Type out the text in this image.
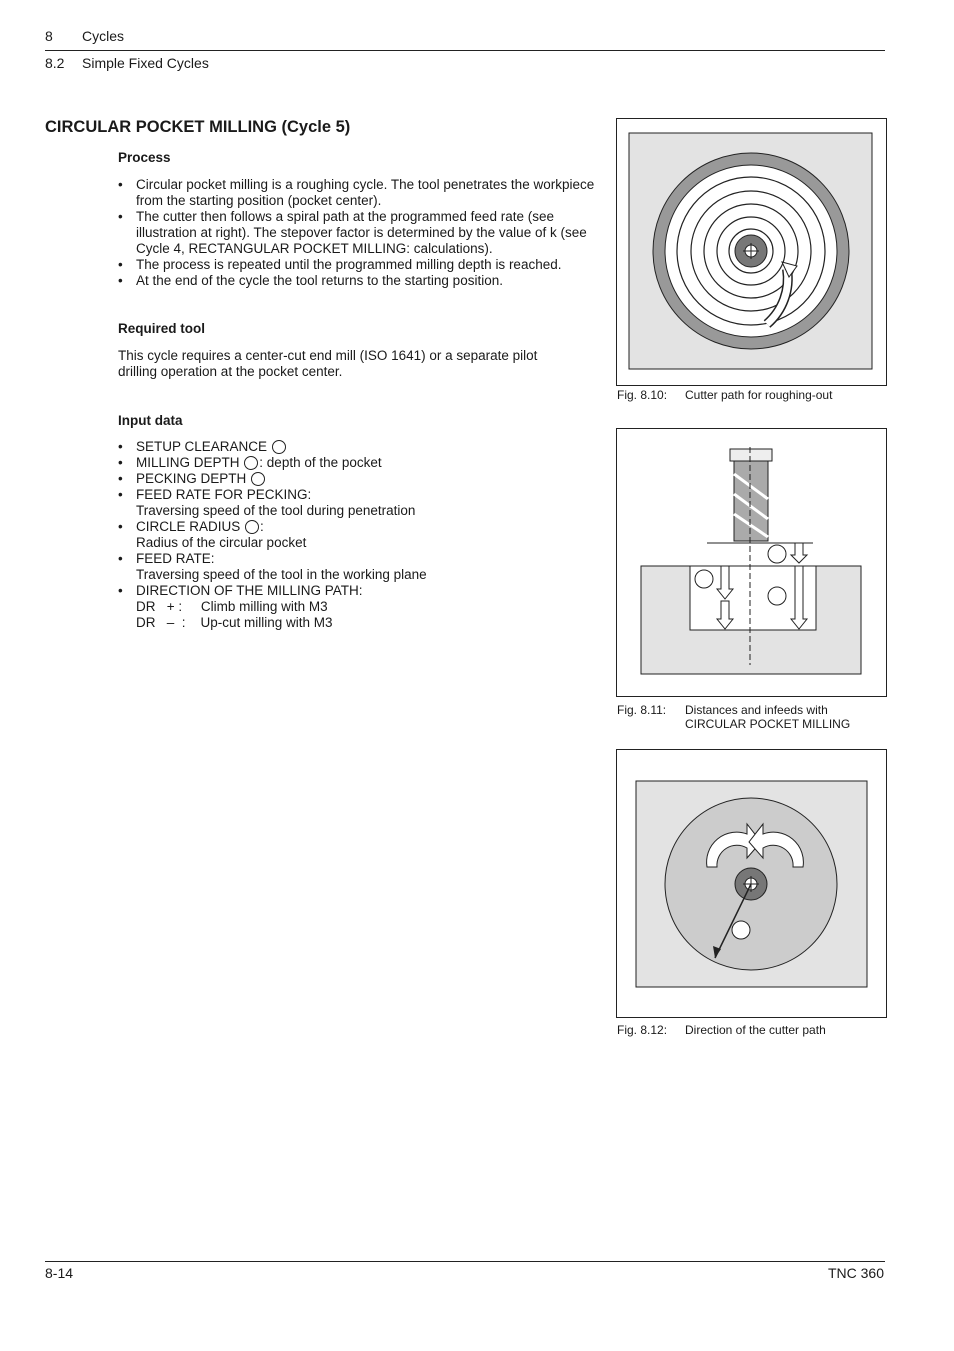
8 Cycles
8.2 Simple Fixed Cycles
CIRCULAR POCKET MILLING (Cycle 5)
Process
• Circular pocket milling is a roughing cycle. The tool penetrates the workpiece from the starting position (pocket center).
• The cutter then follows a spiral path at the programmed feed rate (see illustration at right). The stepover factor is determined by the value of k (see Cycle 4, RECTANGULAR POCKET MILLING: calculations).
• The process is repeated until the programmed milling depth is reached.
• At the end of the cycle the tool returns to the starting position.
Required tool
This cycle requires a center-cut end mill (ISO 1641) or a separate pilot drilling operation at the pocket center.
Input data
• SETUP CLEARANCE
• MILLING DEPTH : depth of the pocket
• PECKING DEPTH
• FEED RATE FOR PECKING:
Traversing speed of the tool during penetration
• CIRCLE RADIUS :
Radius of the circular pocket
• FEED RATE:
Traversing speed of the tool in the working plane
• DIRECTION OF THE MILLING PATH:
DR   + :     Climb milling with M3
DR   –  :    Up-cut milling with M3
Fig. 8.10: Cutter path for roughing-out
Fig. 8.11: Distances and infeeds with
CIRCULAR POCKET MILLING
Fig. 8.12: Direction of the cutter path
8-14	TNC 360
